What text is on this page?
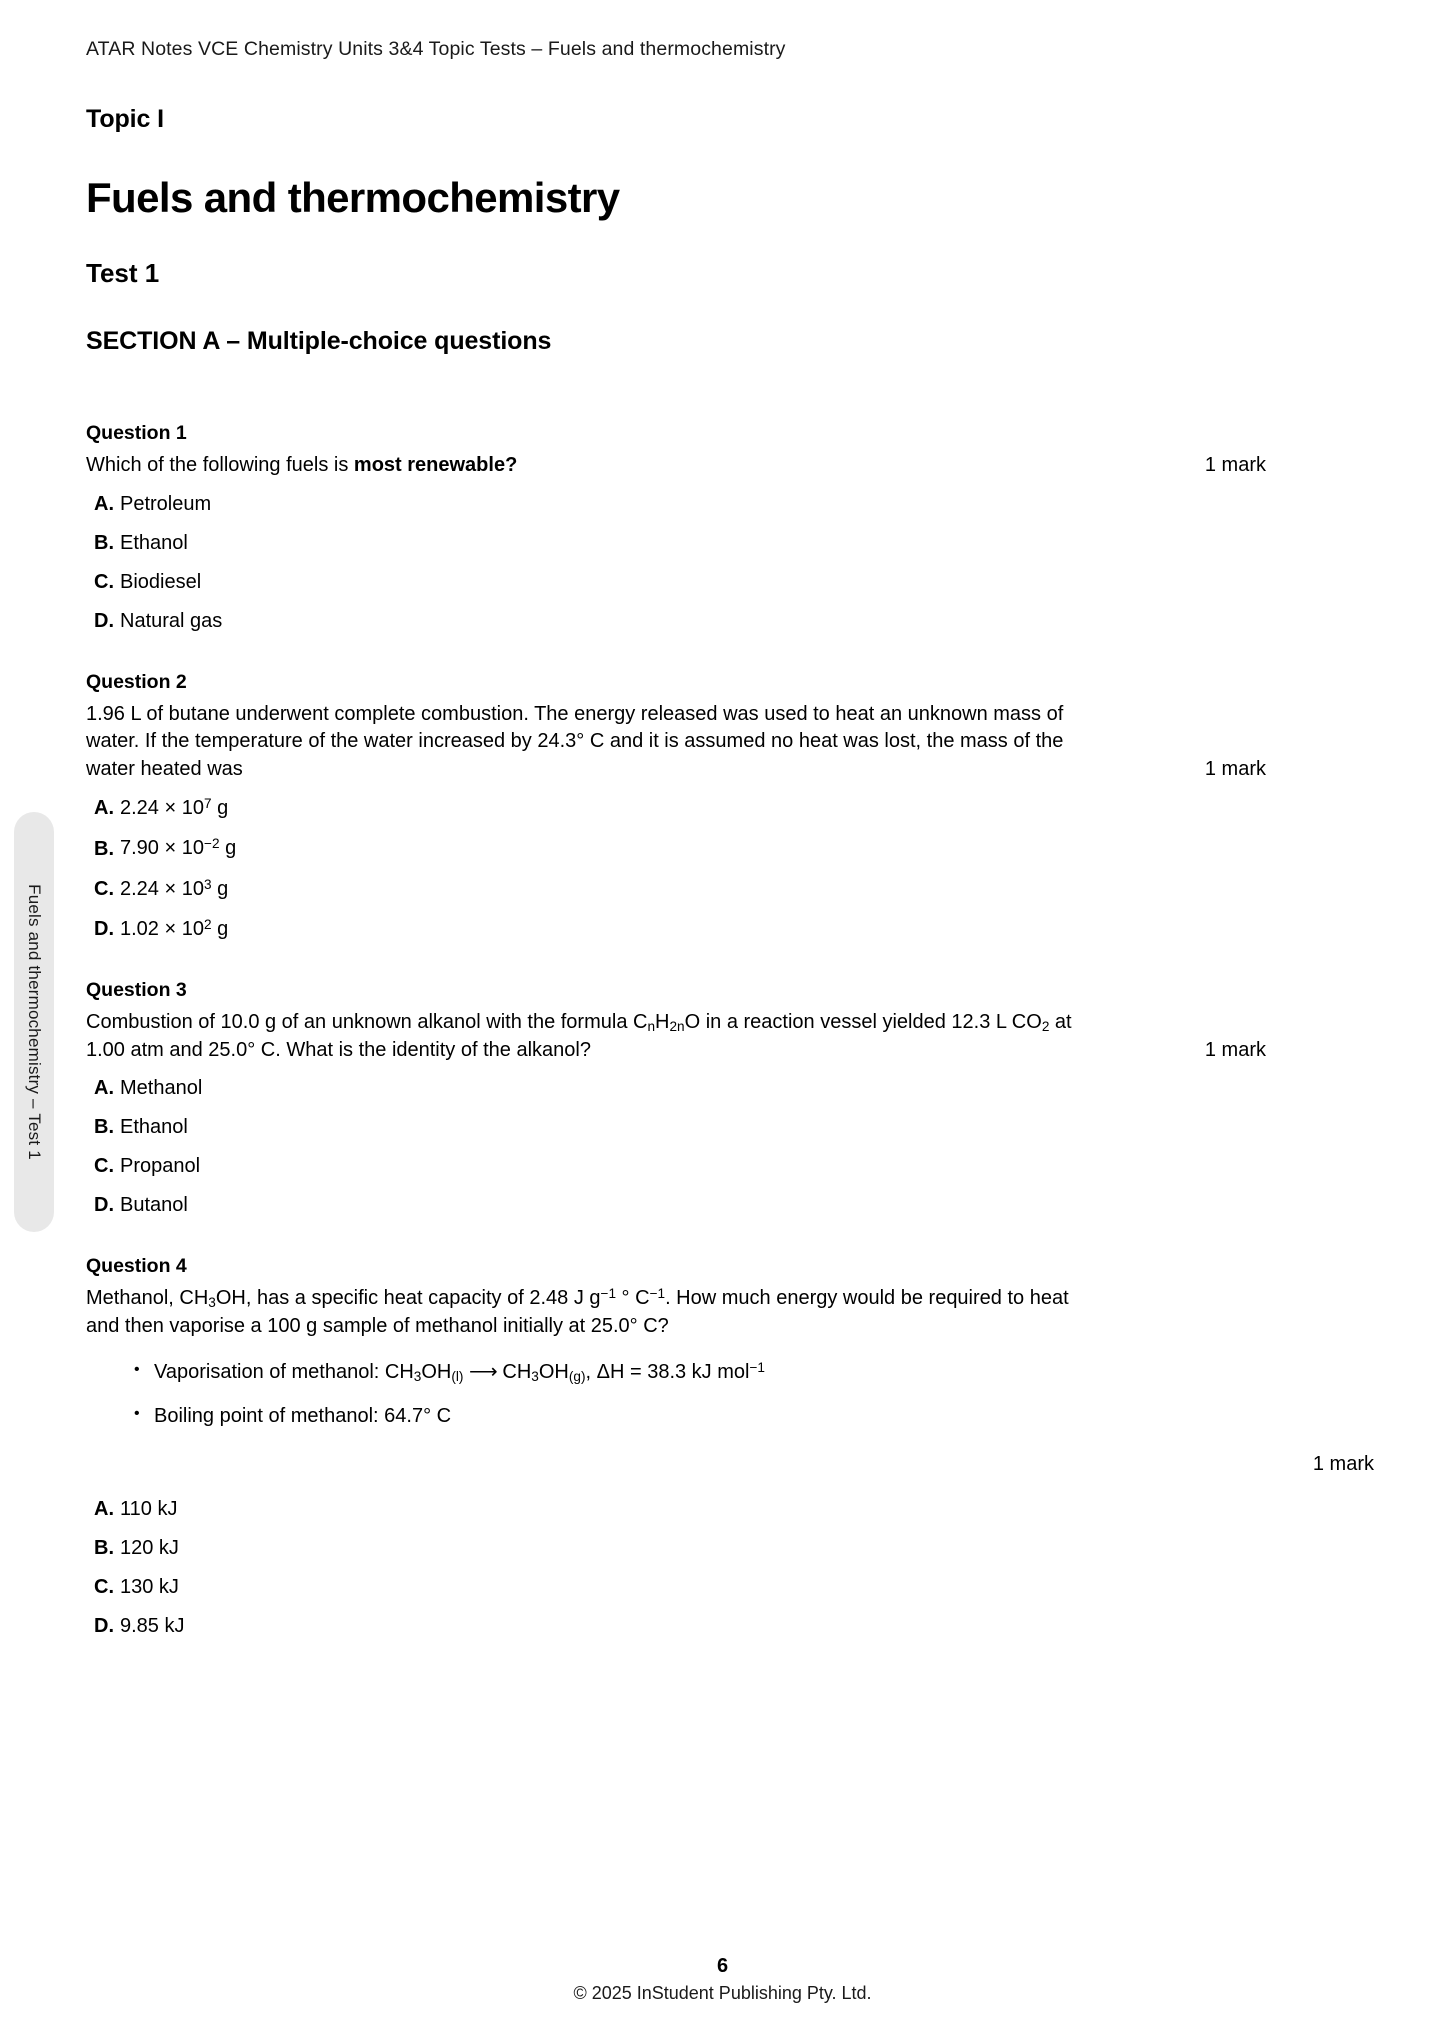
ATAR Notes VCE Chemistry Units 3&4 Topic Tests – Fuels and thermochemistry
Fuels and thermochemistry – Test 1
Topic I
Fuels and thermochemistry
Test 1
SECTION A – Multiple-choice questions
Question 1

Which of the following fuels is most renewable?	1 mark

A. Petroleum
B. Ethanol
C. Biodiesel
D. Natural gas
Question 2

1.96 L of butane underwent complete combustion. The energy released was used to heat an unknown mass of

water. If the temperature of the water increased by 24.3° C and it is assumed no heat was lost, the mass of the

water heated was	1 mark

A. $2.24 \times 10^7$ g
B. $7.90 \times 10^{-2}$ g
C. $2.24 \times 10^3$ g
D. $1.02 \times 10^2$ g
Question 3

Combustion of 10.0 g of an unknown alkanol with the formula $C_nH_{2n}O$ in a reaction vessel yielded 12.3 L $CO_2$ at

1.00 atm and 25.0° C. What is the identity of the alkanol?	1 mark

A. Methanol
B. Ethanol
C. Propanol
D. Butanol
Question 4

Methanol, $CH_3OH$, has a specific heat capacity of 2.48 J $g^{-1}$ ° $C^{-1}$. How much energy would be required to heat

and then vaporise a 100 g sample of methanol initially at 25.0° C?

• Vaporisation of methanol: $CH_3OH_{(l)}$ ⟶ $CH_3OH_{(g)}$, ΔH = 38.3 kJ mol$^{-1}$
• Boiling point of methanol: 64.7° C
1 mark
A. 110 kJ
B. 120 kJ
C. 130 kJ
D. 9.85 kJ
6
© 2025 InStudent Publishing Pty. Ltd.
